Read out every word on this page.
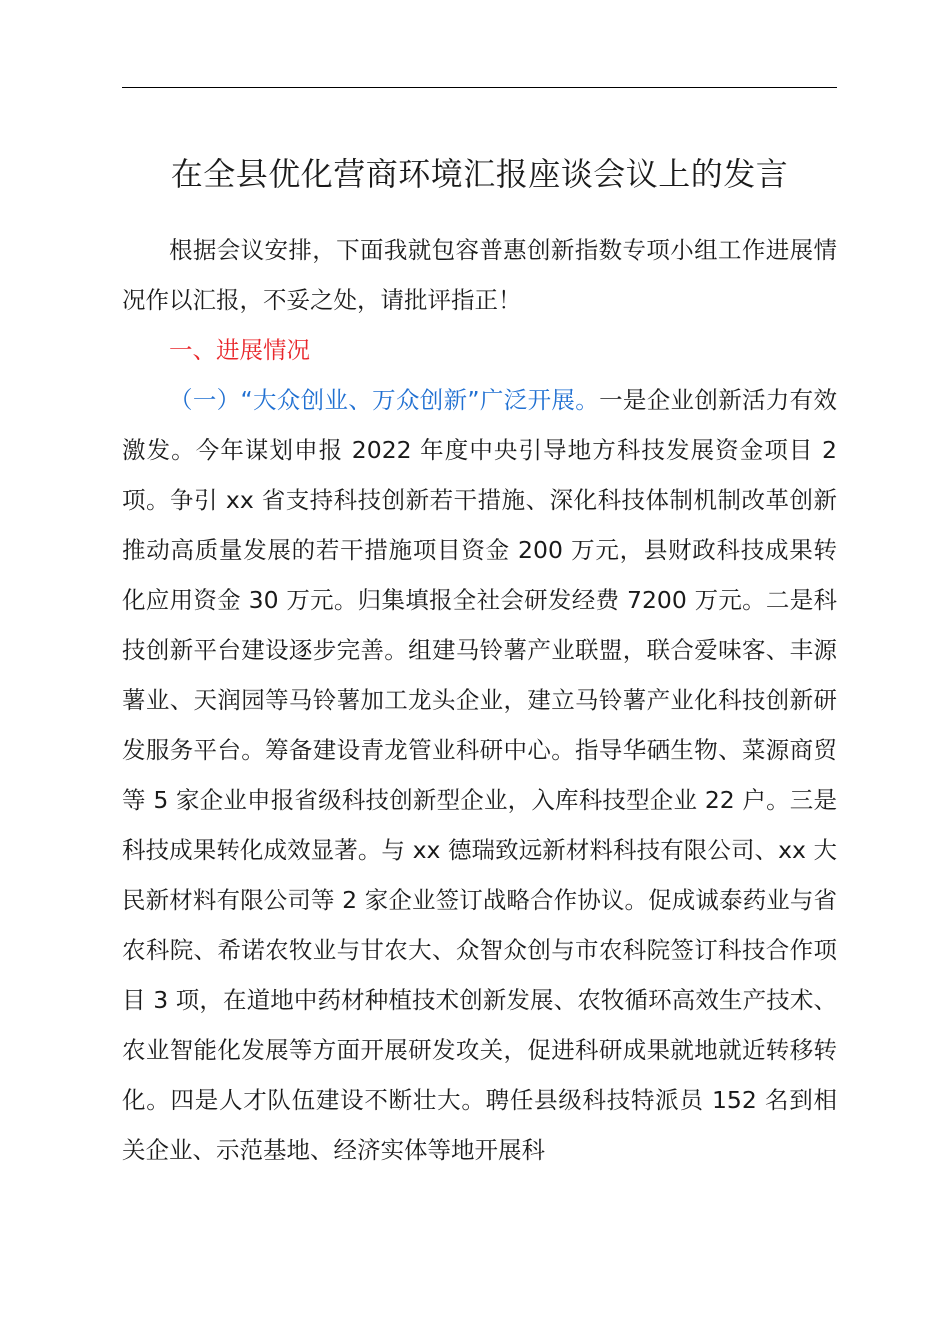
在全县优化营商环境汇报座谈会议上的发言

根据会议安排，下面我就包容普惠创新指数专项小组工作进展情况作以汇报，不妥之处，请批评指正！

一、进展情况

（一）“大众创业、万众创新”广泛开展。一是企业创新活力有效激发。今年谋划申报 2022 年度中央引导地方科技发展资金项目 2 项。争引 xx 省支持科技创新若干措施、深化科技体制机制改革创新推动高质量发展的若干措施项目资金 200 万元，县财政科技成果转化应用资金 30 万元。归集填报全社会研发经费 7200 万元。二是科技创新平台建设逐步完善。组建马铃薯产业联盟，联合爱味客、丰源薯业、天润园等马铃薯加工龙头企业，建立马铃薯产业化科技创新研发服务平台。筹备建设青龙管业科研中心。指导华硒生物、菜源商贸等 5 家企业申报省级科技创新型企业，入库科技型企业 22 户。三是科技成果转化成效显著。与 xx 德瑞致远新材料科技有限公司、xx 大民新材料有限公司等 2 家企业签订战略合作协议。促成诚泰药业与省农科院、希诺农牧业与甘农大、众智众创与市农科院签订科技合作项目 3 项，在道地中药材种植技术创新发展、农牧循环高效生产技术、农业智能化发展等方面开展研发攻关，促进科研成果就地就近转移转化。四是人才队伍建设不断壮大。聘任县级科技特派员 152 名到相关企业、示范基地、经济实体等地开展科
